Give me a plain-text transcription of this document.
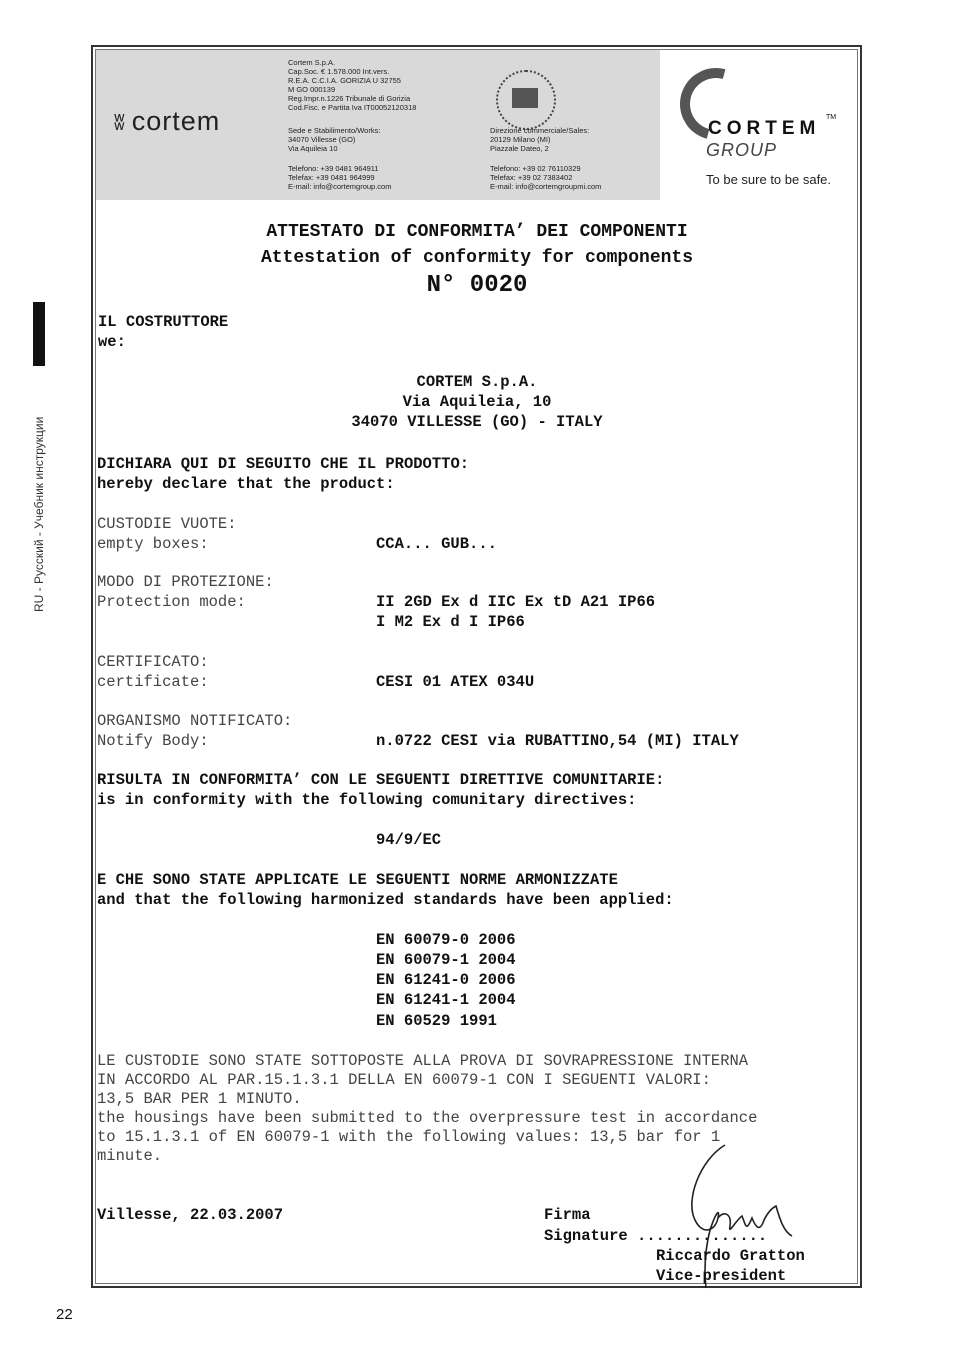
RU - Русский - Учебник инструкции
22
ʬ cortem
Cortem S.p.A.
Cap.Soc. € 1.578.000 Int.vers.
R.E.A. C.C.I.A. GORIZIA U 32755
M GO 000139
Reg.Impr.n.1226 Tribunale di Gorizia
Cod.Fisc. e Partita Iva IT00052120318
Sede e Stabilimento/Works:
34070 Villesse (GO)
Via Aquileia 10
Telefono: +39 0481 964911
Telefax: +39 0481 964999
E-mail: info@cortemgroup.com
Direzione commerciale/Sales:
20129 Milano (MI)
Piazzale Dateo, 2
Telefono: +39 02 76110329
Telefax: +39 02 7383402
E-mail: info@cortemgroupmi.com
CORTEM
TM
GROUP
To be sure to be safe.
ATTESTATO DI CONFORMITA’ DEI COMPONENTI
Attestation of conformity for components
N° 0020
IL COSTRUTTORE
we:
CORTEM S.p.A.
Via Aquileia, 10
34070 VILLESSE (GO) - ITALY
DICHIARA QUI DI SEGUITO CHE IL PRODOTTO:
hereby declare that the product:
CUSTODIE VUOTE:
empty boxes:	CCA... GUB...
MODO DI PROTEZIONE:
Protection mode:	II 2GD Ex d IIC Ex tD A21 IP66
I M2 Ex d I IP66
CERTIFICATO:
certificate:	CESI 01 ATEX 034U
ORGANISMO NOTIFICATO:
Notify Body:	n.0722 CESI via RUBATTINO,54 (MI) ITALY
RISULTA IN CONFORMITA’ CON LE SEGUENTI DIRETTIVE COMUNITARIE:
is in conformity with the following comunitary directives:
94/9/EC
E CHE SONO STATE APPLICATE LE SEGUENTI NORME ARMONIZZATE
and that the following harmonized standards have been applied:
EN 60079-0 2006
EN 60079-1 2004
EN 61241-0 2006
EN 61241-1 2004
EN 60529 1991
LE CUSTODIE SONO STATE SOTTOPOSTE ALLA PROVA DI SOVRAPRESSIONE INTERNA
IN ACCORDO AL PAR.15.1.3.1 DELLA EN 60079-1 CON I SEGUENTI VALORI:
13,5 BAR PER 1 MINUTO.
the housings have been submitted to the overpressure test in accordance
to 15.1.3.1 of EN 60079-1 with the following values: 13,5 bar for 1
minute.
Villesse, 22.03.2007	Firma
Signature ..............
Riccardo Gratton
Vice-president
